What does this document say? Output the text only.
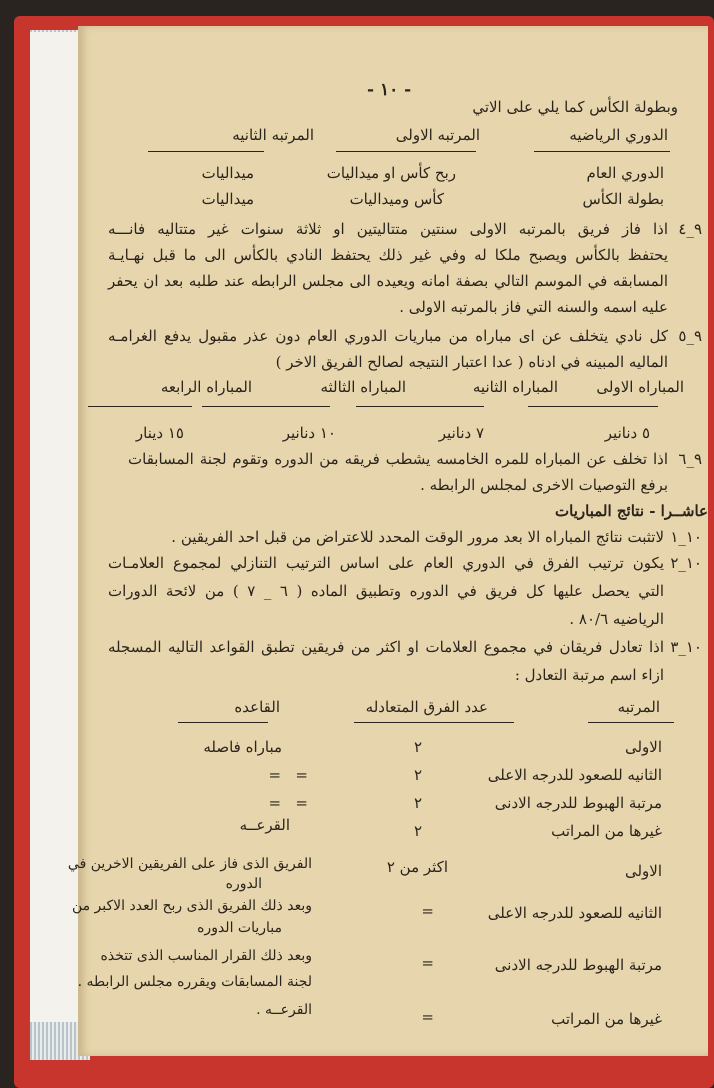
- ١٠ -
وبطولة الكأس كما يلي على الاتي
الدوري الرياضيه
المرتبه الاولى
المرتبه الثانيه
الدوري العام
ربح كأس او ميداليات
ميداليات
بطولة الكأس
كأس وميداليات
ميداليات
٩_٤
اذا فاز فريق بالمرتبه الاولى سنتين متتاليتين او ثلاثة سنوات غير متتاليه فانـــه
يحتفظ بالكأس ويصبح ملكا له وفي غير ذلك يحتفظ النادي بالكأس الى ما قبل نهـايـة
المسابقه في الموسم التالي بصفة امانه ويعيده الى مجلس الرابطه عند طلبه بعد ان يحفر
عليه اسمه والسنه التي فاز بالمرتبه الاولى .
٩_٥
كل نادي يتخلف عن اى مباراه من مباريات الدوري العام دون عذر مقبول يدفع الغرامـه
الماليه المبينه في ادناه ( عدا اعتبار النتيجه لصالح الفريق الاخر )
المباراه الاولى
المباراه الثانيه
المباراه الثالثه
المباراه الرابعه
٥ دنانير
٧ دنانير
١٠ دنانير
١٥ دينار
٩_٦
اذا تخلف عن المباراه للمره الخامسه يشطب فريقه من الدوره وتقوم لجنة المسابقات
برفع التوصيات الاخرى لمجلس الرابطه .
عاشــرا - نتائج المباريات
١٠_١
لاتثبت نتائج المباراه الا بعد مرور الوقت المحدد للاعتراض من قبل احد الفريقين .
١٠_٢
يكون ترتيب الفرق في الدوري العام على اساس الترتيب التنازلي لمجموع العلامـات
التي يحصل عليها كل فريق في الدوره وتطبيق الماده ( ٦ _ ٧ ) من لائحة الدورات
الرياضيه ٨٠/٦ .
١٠_٣
اذا تعادل فريقان في مجموع العلامات او اكثر من فريقين تطبق القواعد التاليه المسجله
ازاء اسم مرتبة التعادل :
المرتبه
عدد الفرق المتعادله
القاعده
الاولى
٢
مباراه فاصله
الثانيه للصعود للدرجه الاعلى
٢
=   =
مرتبة الهبوط للدرجه الادنى
٢
=   =
غيرها من المراتب
٢
القرعــه
الاولى
اكثر من ٢
الفريق الذى فاز على الفريقين الاخرين في
الدوره
الثانيه للصعود للدرجه الاعلى
=
وبعد ذلك الفريق الذى ربح العدد الاكبر من
مباريات الدوره
مرتبة الهبوط للدرجه الادنى
=
وبعد ذلك القرار المناسب الذى تتخذه
لجنة المسابقات ويقرره مجلس الرابطه .
غيرها من المراتب
=
القرعــه .
